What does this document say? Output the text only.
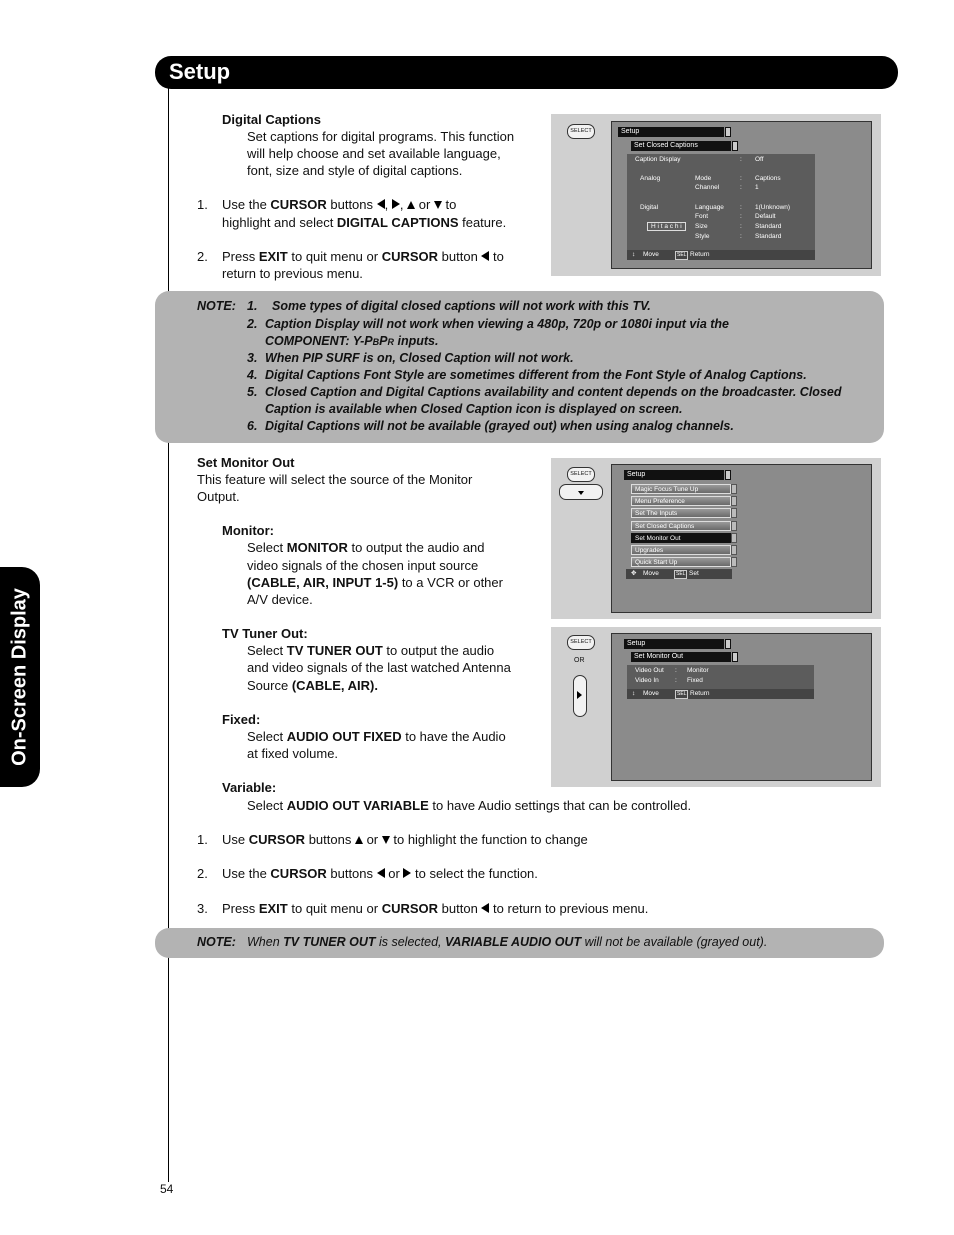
On-Screen Display
Setup
Digital Captions
Set captions for digital programs. This function
will help choose and set available language,
font, size and style of digital captions.
1. Use the CURSOR buttons , ,  or  to
highlight and select DIGITAL CAPTIONS feature.
2. Press EXIT to quit menu or CURSOR button  to
return to previous menu.
SELECT	Setup
Set Closed Captions
Caption Display	: Off
Analog	Mode	: Captions
Channel	: 1
Digital	Language : 1(Unknown)
Font	: Default
H i t a c h i	Size	: Standard
Style	: Standard
↕ Move	SEL Return
NOTE: 1. Some types of digital closed captions will not work with this TV.
2. Caption Display will not work when viewing a 480p, 720p or 1080i input via the
COMPONENT: Y-PBPR inputs.
3. When PIP SURF is on, Closed Caption will not work.
4. Digital Captions Font Style are sometimes different from the Font Style of Analog Captions.
5. Closed Caption and Digital Captions availability and content depends on the broadcaster. Closed
Caption is available when Closed Caption icon is displayed on screen.
6. Digital Captions will not be available (grayed out) when using analog channels.
Set Monitor Out
This feature will select the source of the Monitor
Output.
Monitor:
Select MONITOR to output the audio and
video signals of the chosen input source
(CABLE, AIR, INPUT 1-5) to a VCR or other
A/V device.
TV Tuner Out:
Select TV TUNER OUT to output the audio
and video signals of the last watched Antenna
Source (CABLE, AIR).
Fixed:
Select AUDIO OUT FIXED to have the Audio
at fixed volume.
Variable:
Select AUDIO OUT VARIABLE to have Audio settings that can be controlled.
1. Use CURSOR buttons  or  to highlight the function to change
2. Use the CURSOR buttons  or  to select the function.
3. Press EXIT to quit menu or CURSOR button  to return to previous menu.
SELECT	Setup
Magic Focus Tune Up
Menu Preference
Set The Inputs
Set Closed Captions
Set Monitor Out
Upgrades
Quick Start Up
✥ Move	SEL Set
SELECT
OR
Setup
Set Monitor Out
Video Out : Monitor
Video In	: Fixed
↕ Move	SEL Return
NOTE: When TV TUNER OUT is selected, VARIABLE AUDIO OUT will not be available (grayed out).
54
